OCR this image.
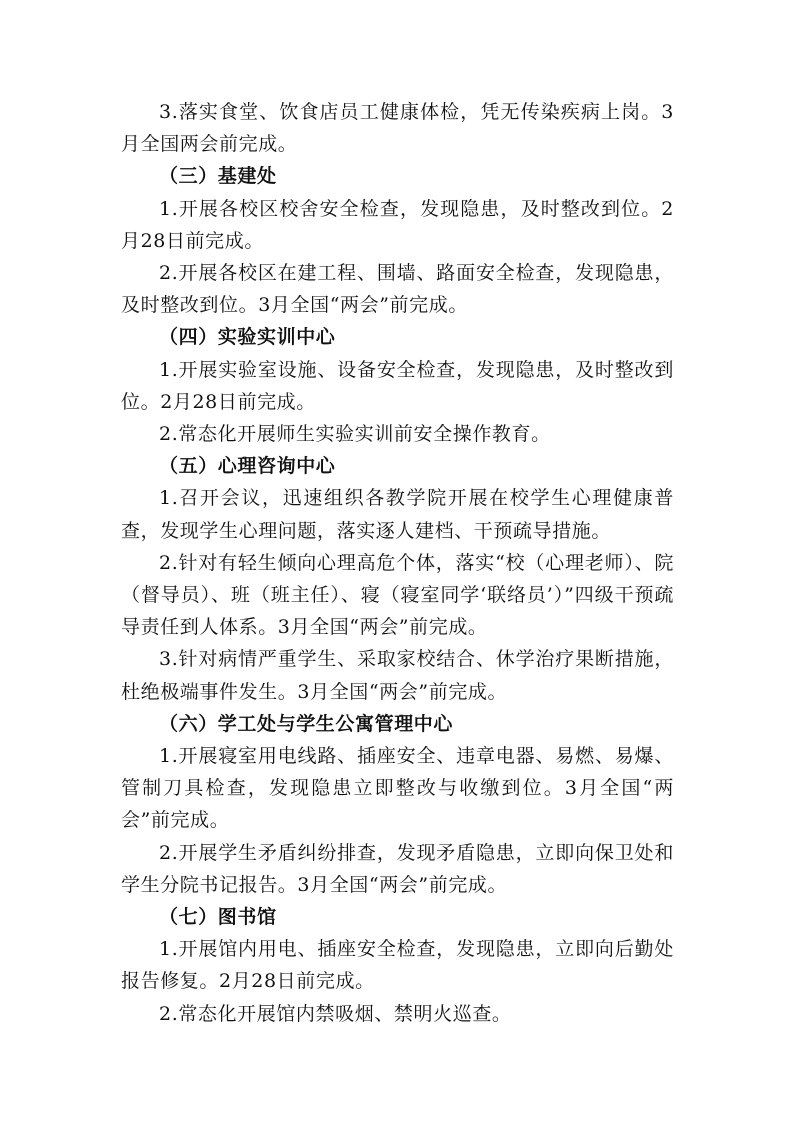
3.落实食堂、饮食店员工健康体检，凭无传染疾病上岗。3月全国两会前完成。

（三）基建处

1.开展各校区校舍安全检查，发现隐患，及时整改到位。2月28日前完成。

2.开展各校区在建工程、围墙、路面安全检查，发现隐患，及时整改到位。3月全国“两会”前完成。

（四）实验实训中心

1.开展实验室设施、设备安全检查，发现隐患，及时整改到位。2月28日前完成。

2.常态化开展师生实验实训前安全操作教育。

（五）心理咨询中心

1.召开会议，迅速组织各教学院开展在校学生心理健康普查，发现学生心理问题，落实逐人建档、干预疏导措施。

2.针对有轻生倾向心理高危个体，落实“校（心理老师）、院（督导员）、班（班主任）、寝（寝室同学‘联络员’）”四级干预疏导责任到人体系。3月全国“两会”前完成。

3.针对病情严重学生、采取家校结合、休学治疗果断措施，杜绝极端事件发生。3月全国“两会”前完成。

（六）学工处与学生公寓管理中心

1.开展寝室用电线路、插座安全、违章电器、易燃、易爆、管制刀具检查，发现隐患立即整改与收缴到位。3月全国“两会”前完成。

2.开展学生矛盾纠纷排查，发现矛盾隐患，立即向保卫处和学生分院书记报告。3月全国“两会”前完成。

（七）图书馆

1.开展馆内用电、插座安全检查，发现隐患，立即向后勤处报告修复。2月28日前完成。

2.常态化开展馆内禁吸烟、禁明火巡查。
